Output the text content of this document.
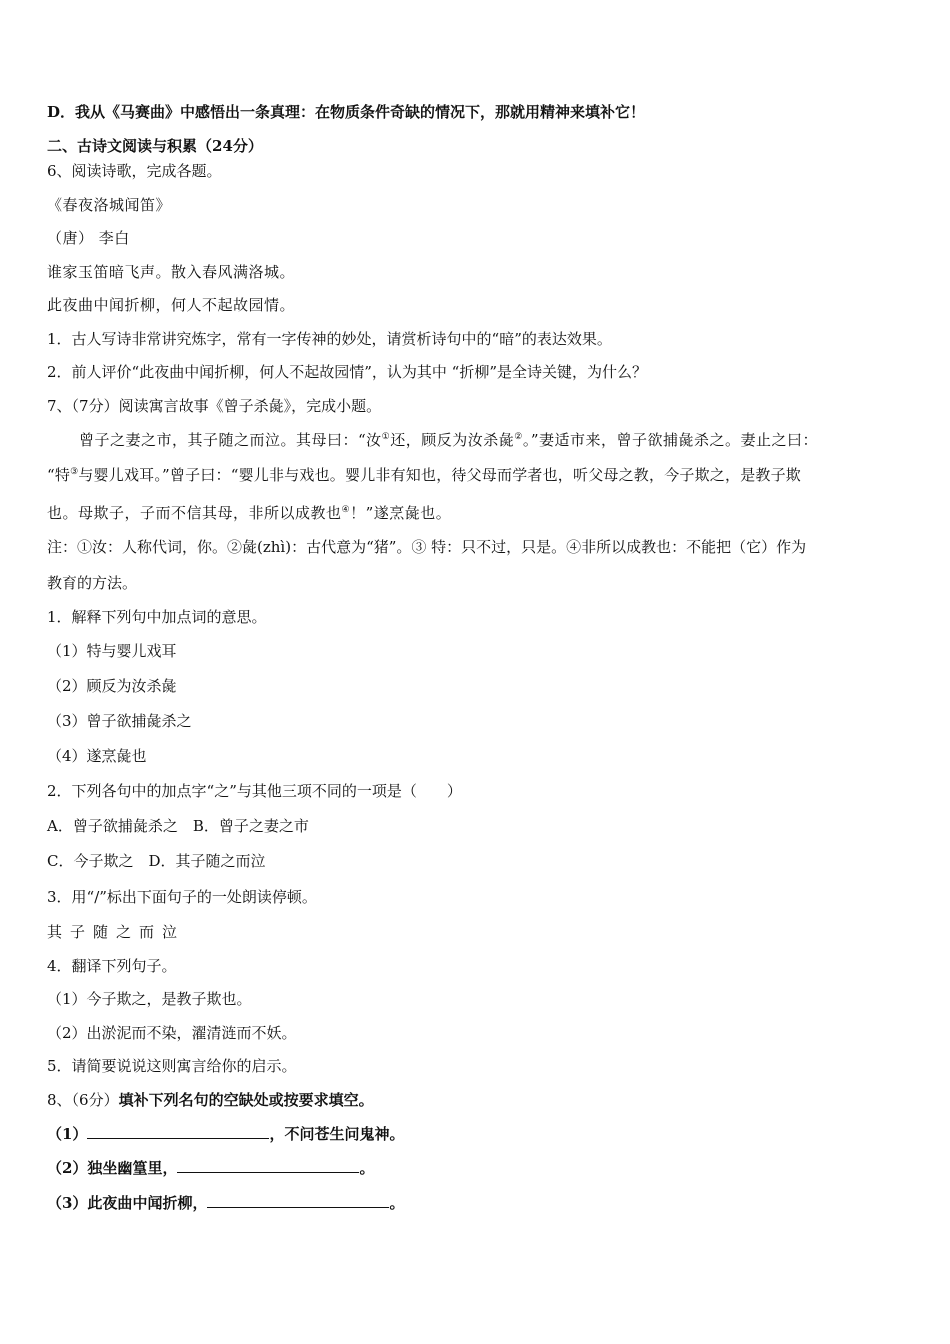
D．我从《马赛曲》中感悟出一条真理：在物质条件奇缺的情况下，那就用精神来填补它！

二、古诗文阅读与积累（24分）

6、阅读诗歌，完成各题。

《春夜洛城闻笛》

（唐） 李白

谁家玉笛暗飞声。散入春风满洛城。

此夜曲中闻折柳，何人不起故园情。

1．古人写诗非常讲究炼字，常有一字传神的妙处，请赏析诗句中的“暗”的表达效果。

2．前人评价“此夜曲中闻折柳，何人不起故园情”，认为其中 “折柳”是全诗关键，为什么？

7、（7分）阅读寓言故事《曾子杀彘》，完成小题。

曾子之妻之市，其子随之而泣。其母曰：“汝①还，顾反为汝杀彘②。”妻适市来，曾子欲捕彘杀之。妻止之曰：

“特③与婴儿戏耳。”曾子曰：“婴儿非与戏也。婴儿非有知也，待父母而学者也，听父母之教，今子欺之，是教子欺

也。母欺子，子而不信其母，非所以成教也④！”遂烹彘也。

注：①汝：人称代词，你。②彘(zhì)：古代意为“猪”。③ 特：只不过，只是。④非所以成教也：不能把（它）作为

教育的方法。

1．解释下列句中加点词的意思。

（1）特与婴儿戏耳

（2）顾反为汝杀彘

（3）曾子欲捕彘杀之

（4）遂烹彘也

2．下列各句中的加点字“之”与其他三项不同的一项是（　　）

A．曾子欲捕彘杀之　B．曾子之妻之市

C．今子欺之　D．其子随之而泣

3．用“/”标出下面句子的一处朗读停顿。

其子随之而泣

4．翻译下列句子。

（1）今子欺之，是教子欺也。

（2）出淤泥而不染，濯清涟而不妖。

5．请简要说说这则寓言给你的启示。

8、（6分）填补下列名句的空缺处或按要求填空。

（1）	，不问苍生问鬼神。

（2）独坐幽篁里，	。

（3）此夜曲中闻折柳，	。
